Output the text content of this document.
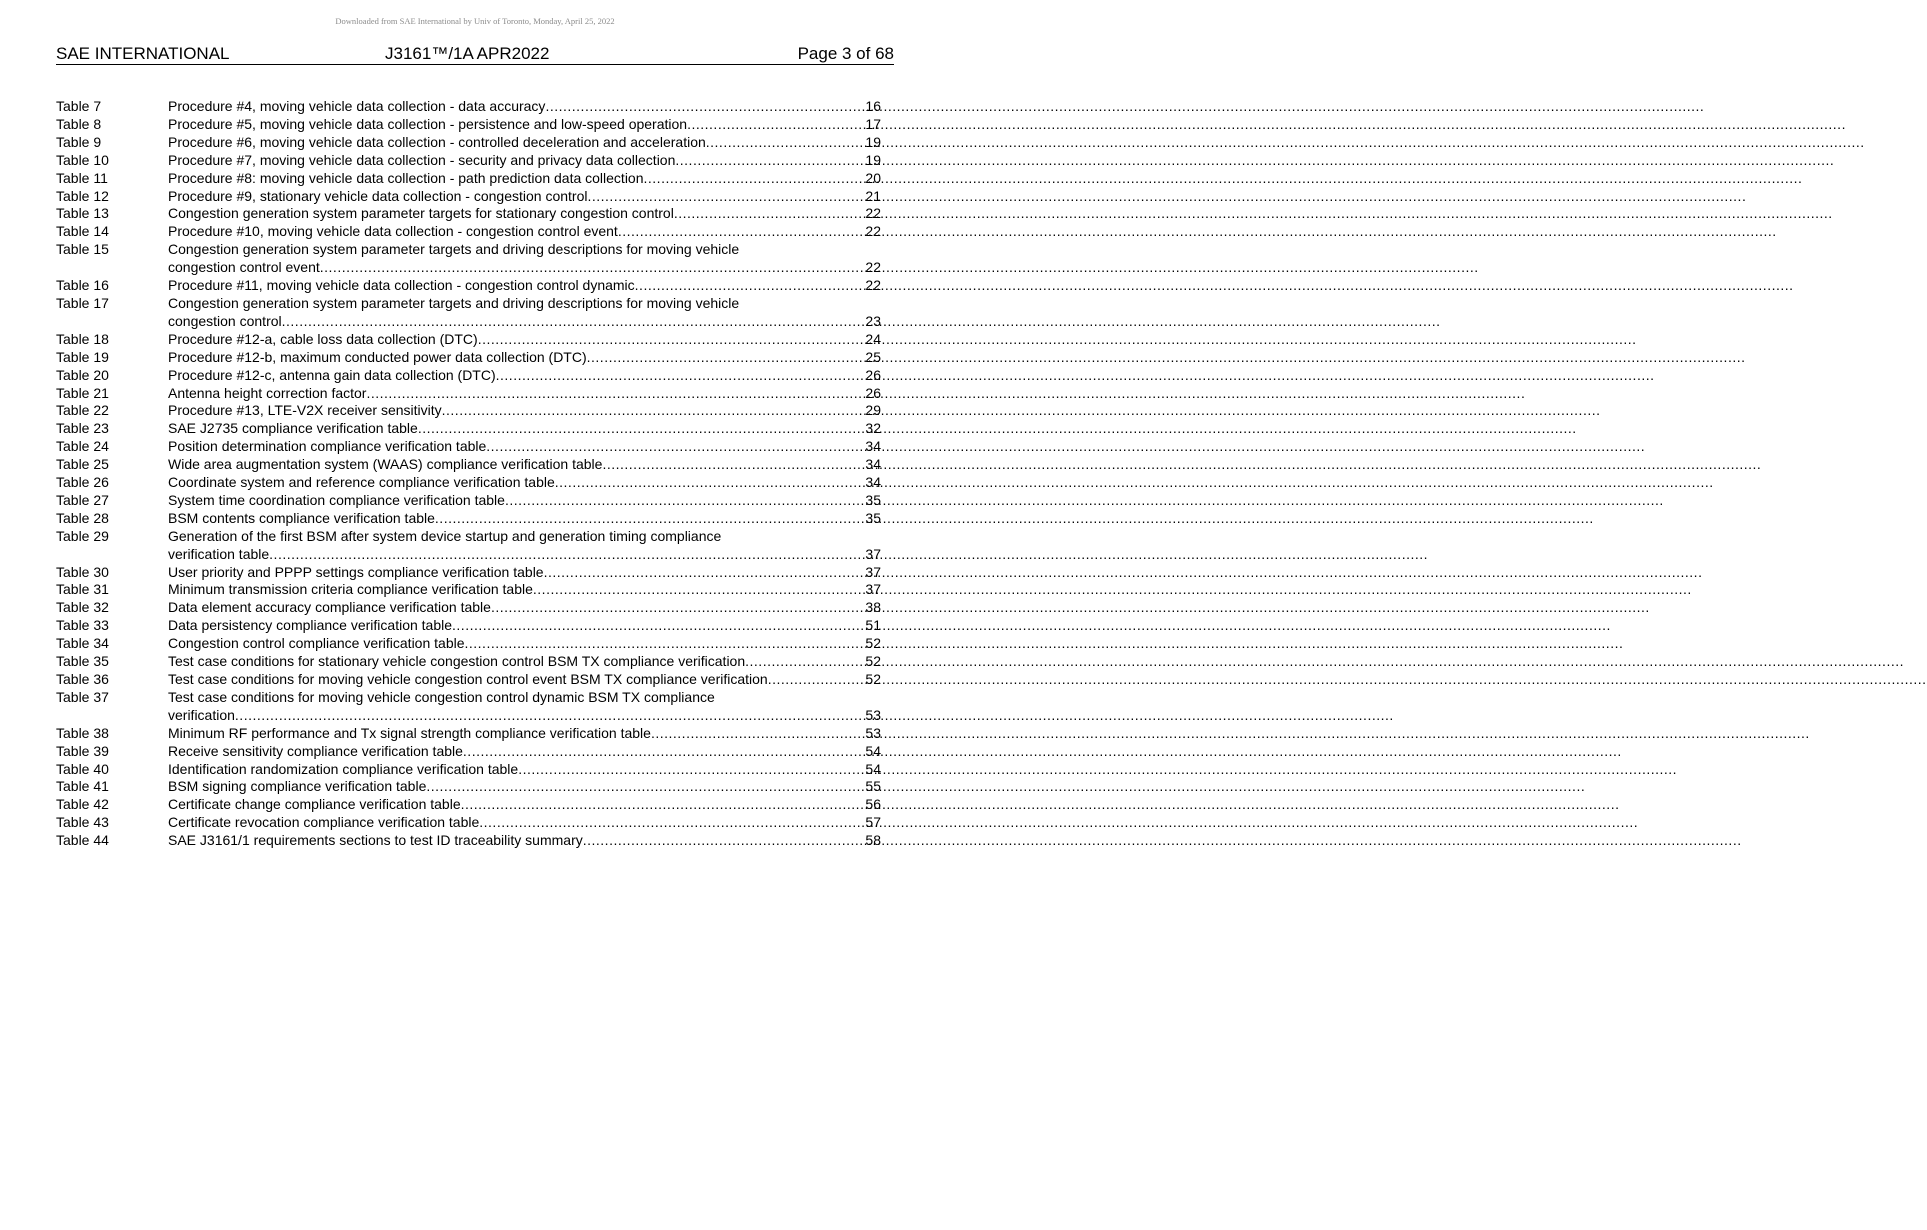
Downloaded from SAE International by Univ of Toronto, Monday, April 25, 2022
SAE INTERNATIONAL	J3161™/1A APR2022	Page 3 of 68
Table 7	Procedure #4, moving vehicle data collection - data accuracy .....	16
Table 8	Procedure #5, moving vehicle data collection - persistence and low-speed operation .....	17
Table 9	Procedure #6, moving vehicle data collection - controlled deceleration and acceleration .....	19
Table 10	Procedure #7, moving vehicle data collection - security and privacy data collection .....	19
Table 11	Procedure #8: moving vehicle data collection - path prediction data collection .....	20
Table 12	Procedure #9, stationary vehicle data collection - congestion control .....	21
Table 13	Congestion generation system parameter targets for stationary congestion control .....	22
Table 14	Procedure #10, moving vehicle data collection - congestion control event .....	22
Table 15	Congestion generation system parameter targets and driving descriptions for moving vehicle
congestion control event .....	22
Table 16	Procedure #11, moving vehicle data collection - congestion control dynamic .....	22
Table 17	Congestion generation system parameter targets and driving descriptions for moving vehicle
congestion control .....	23
Table 18	Procedure #12-a, cable loss data collection (DTC) .....	24
Table 19	Procedure #12-b, maximum conducted power data collection (DTC) .....	25
Table 20	Procedure #12-c, antenna gain data collection (DTC) .....	26
Table 21	Antenna height correction factor .....	26
Table 22	Procedure #13, LTE-V2X receiver sensitivity .....	29
Table 23	SAE J2735 compliance verification table .....	32
Table 24	Position determination compliance verification table .....	34
Table 25	Wide area augmentation system (WAAS) compliance verification table .....	34
Table 26	Coordinate system and reference compliance verification table .....	34
Table 27	System time coordination compliance verification table .....	35
Table 28	BSM contents compliance verification table .....	35
Table 29	Generation of the first BSM after system device startup and generation timing compliance
verification table .....	37
Table 30	User priority and PPPP settings compliance verification table .....	37
Table 31	Minimum transmission criteria compliance verification table .....	37
Table 32	Data element accuracy compliance verification table .....	38
Table 33	Data persistency compliance verification table .....	51
Table 34	Congestion control compliance verification table .....	52
Table 35	Test case conditions for stationary vehicle congestion control BSM TX compliance verification .....	52
Table 36	Test case conditions for moving vehicle congestion control event BSM TX compliance verification .....	52
Table 37	Test case conditions for moving vehicle congestion control dynamic BSM TX compliance
verification .....	53
Table 38	Minimum RF performance and Tx signal strength compliance verification table .....	53
Table 39	Receive sensitivity compliance verification table .....	54
Table 40	Identification randomization compliance verification table .....	54
Table 41	BSM signing compliance verification table .....	55
Table 42	Certificate change compliance verification table .....	56
Table 43	Certificate revocation compliance verification table .....	57
Table 44	SAE J3161/1 requirements sections to test ID traceability summary .....	58
